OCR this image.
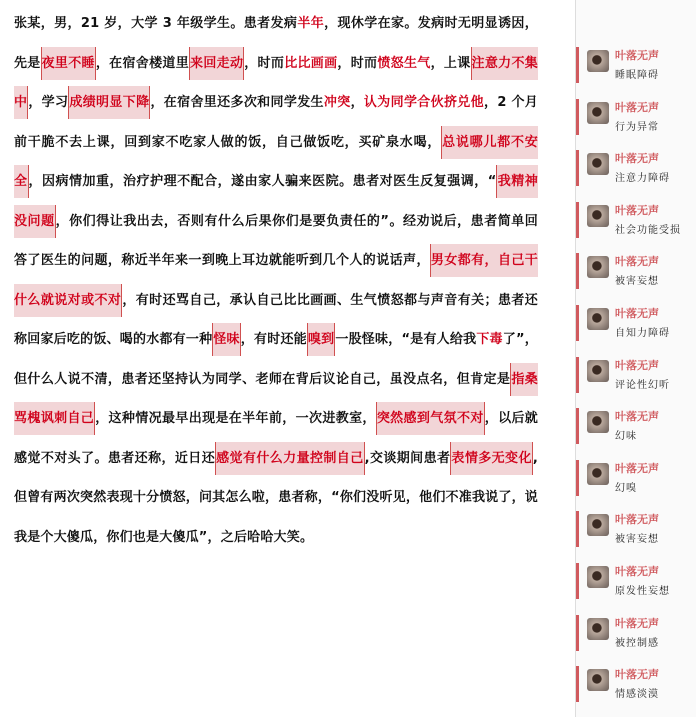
张某，男，21 岁，大学 3 年级学生。患者发病半年，现休学在家。发病时无明显诱因，先是夜里不睡，在宿舍楼道里来回走动，时而比比画画，时而愤怒生气，上课注意力不集中，学习成绩明显下降，在宿舍里还多次和同学发生冲突，认为同学合伙挤兑他，2 个月前干脆不去上课，回到家不吃家人做的饭，自己做饭吃，买矿泉水喝，总说哪儿都不安全，因病情加重，治疗护理不配合，遂由家人骗来医院。患者对医生反复强调，“我精神没问题，你们得让我出去，否则有什么后果你们是要负责任的”。经劝说后，患者简单回答了医生的问题，称近半年来一到晚上耳边就能听到几个人的说话声，男女都有，自己干什么就说对或不对，有时还骂自己，承认自己比比画画、生气愤怒都与声音有关；患者还称回家后吃的饭、喝的水都有一种怪味，有时还能嗅到一股怪味，“是有人给我下毒了”，但什么人说不清，患者还坚持认为同学、老师在背后议论自己，虽没点名，但肯定是指桑骂槐讽刺自己，这种情况最早出现是在半年前，一次进教室，突然感到气氛不对，以后就感觉不对头了。患者还称，近日还感觉有什么力量控制自己,交谈期间患者表情多无变化,但曾有两次突然表现十分愤怒，问其怎么啦，患者称，“你们没听见，他们不准我说了，说我是个大傻瓜，你们也是大傻瓜”，之后哈哈大笑。
叶落无声
睡眠障碍
叶落无声
行为异常
叶落无声
注意力障碍
叶落无声
社会功能受损
叶落无声
被害妄想
叶落无声
自知力障碍
叶落无声
评论性幻听
叶落无声
幻味
叶落无声
幻嗅
叶落无声
被害妄想
叶落无声
原发性妄想
叶落无声
被控制感
叶落无声
情感淡漠
